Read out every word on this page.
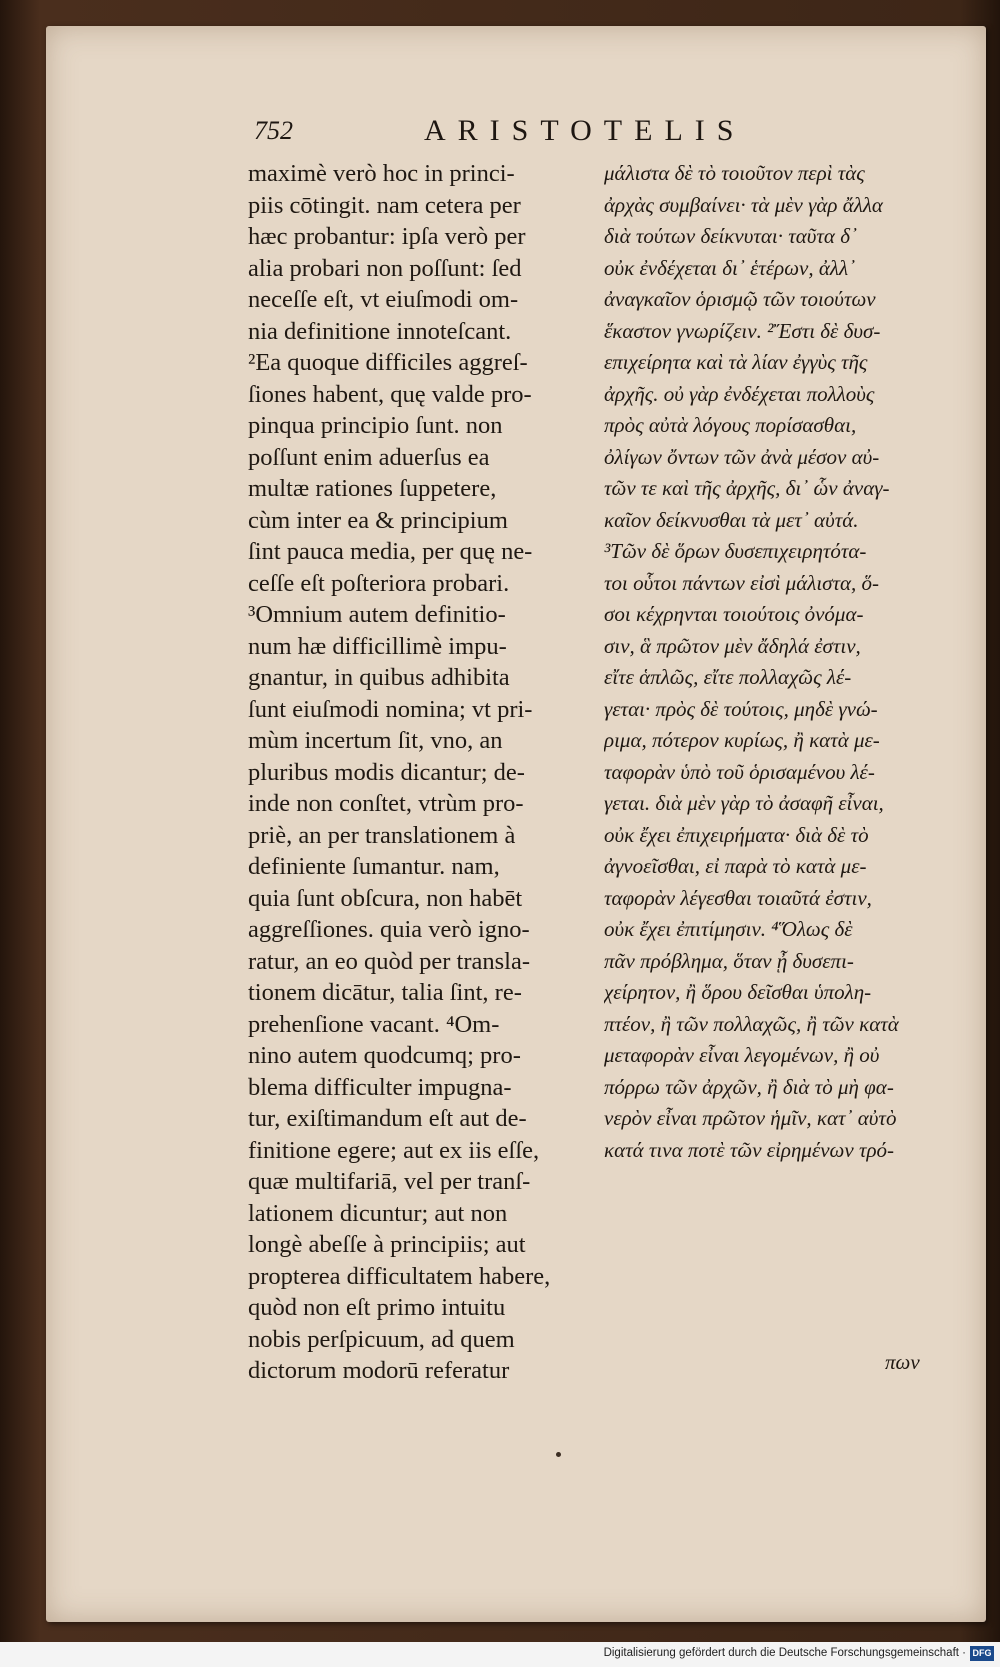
752	ARISTOTELIS
maximè verò hoc in princi-
piis cōtingit. nam cetera per
hæc probantur: ipſa verò per
alia probari non poſſunt: ſed
neceſſe eſt, vt eiuſmodi om-
nia definitione innoteſcant.
²Ea quoque difficiles aggreſ-
ſiones habent, quę valde pro-
pinqua principio ſunt. non
poſſunt enim aduerſus ea
multæ rationes ſuppetere,
cùm inter ea & principium
ſint pauca media, per quę ne-
ceſſe eſt poſteriora probari.
³Omnium autem definitio-
num hæ difficillimè impu-
gnantur, in quibus adhibita
ſunt eiuſmodi nomina; vt pri-
mùm incertum ſit, vno, an
pluribus modis dicantur; de-
inde non conſtet, vtrùm pro-
priè, an per translationem à
definiente ſumantur. nam,
quia ſunt obſcura, non habēt
aggreſſiones. quia verò igno-
ratur, an eo quòd per transla-
tionem dicātur, talia ſint, re-
prehenſione vacant. ⁴Om-
nino autem quodcumq; pro-
blema difficulter impugna-
tur, exiſtimandum eſt aut de-
finitione egere; aut ex iis eſſe,
quæ multifariā, vel per tranſ-
lationem dicuntur; aut non
longè abeſſe à principiis; aut
propterea difficultatem habere,
quòd non eſt primo intuitu
nobis perſpicuum, ad quem
dictorum modorū referatur
μάλιστα δὲ τὸ τοιοῦτον περὶ τὰς
ἀρχὰς συμβαίνει· τὰ μὲν γὰρ ἄλλα
διὰ τούτων δείκνυται· ταῦτα δ᾽
οὐκ ἐνδέχεται δι᾽ ἑτέρων, ἀλλ᾽
ἀναγκαῖον ὁρισμῷ τῶν τοιούτων
ἕκαστον γνωρίζειν. ²Ἔστι δὲ δυσ-
επιχείρητα καὶ τὰ λίαν ἐγγὺς τῆς
ἀρχῆς. οὐ γὰρ ἐνδέχεται πολλοὺς
πρὸς αὐτὰ λόγους πορίσασθαι,
ὀλίγων ὄντων τῶν ἀνὰ μέσον αὐ-
τῶν τε καὶ τῆς ἀρχῆς, δι᾽ ὧν ἀναγ-
καῖον δείκνυσθαι τὰ μετ᾽ αὐτά.
³Τῶν δὲ ὅρων δυσεπιχειρητότα-
τοι οὗτοι πάντων εἰσὶ μάλιστα, ὅ-
σοι κέχρηνται τοιούτοις ὀνόμα-
σιν, ἃ πρῶτον μὲν ἄδηλά ἐστιν,
εἴτε ἁπλῶς, εἴτε πολλαχῶς λέ-
γεται· πρὸς δὲ τούτοις, μηδὲ γνώ-
ριμα, πότερον κυρίως, ἢ κατὰ με-
ταφορὰν ὑπὸ τοῦ ὁρισαμένου λέ-
γεται. διὰ μὲν γὰρ τὸ ἀσαφῆ εἶναι,
οὐκ ἔχει ἐπιχειρήματα· διὰ δὲ τὸ
ἀγνοεῖσθαι, εἰ παρὰ τὸ κατὰ με-
ταφορὰν λέγεσθαι τοιαῦτά ἐστιν,
οὐκ ἔχει ἐπιτίμησιν. ⁴Ὅλως δὲ
πᾶν πρόβλημα, ὅταν ᾖ δυσεπι-
χείρητον, ἢ ὅρου δεῖσθαι ὑπολη-
πτέον, ἢ τῶν πολλαχῶς, ἢ τῶν κατὰ
μεταφορὰν εἶναι λεγομένων, ἢ οὐ
πόρρω τῶν ἀρχῶν, ἢ διὰ τὸ μὴ φα-
νερὸν εἶναι πρῶτον ἡμῖν, κατ᾽ αὐτὸ
κατά τινα ποτὲ τῶν εἰρημένων τρό-
πων
Digitalisierung gefördert durch die Deutsche Forschungsgemeinschaft · DFG
